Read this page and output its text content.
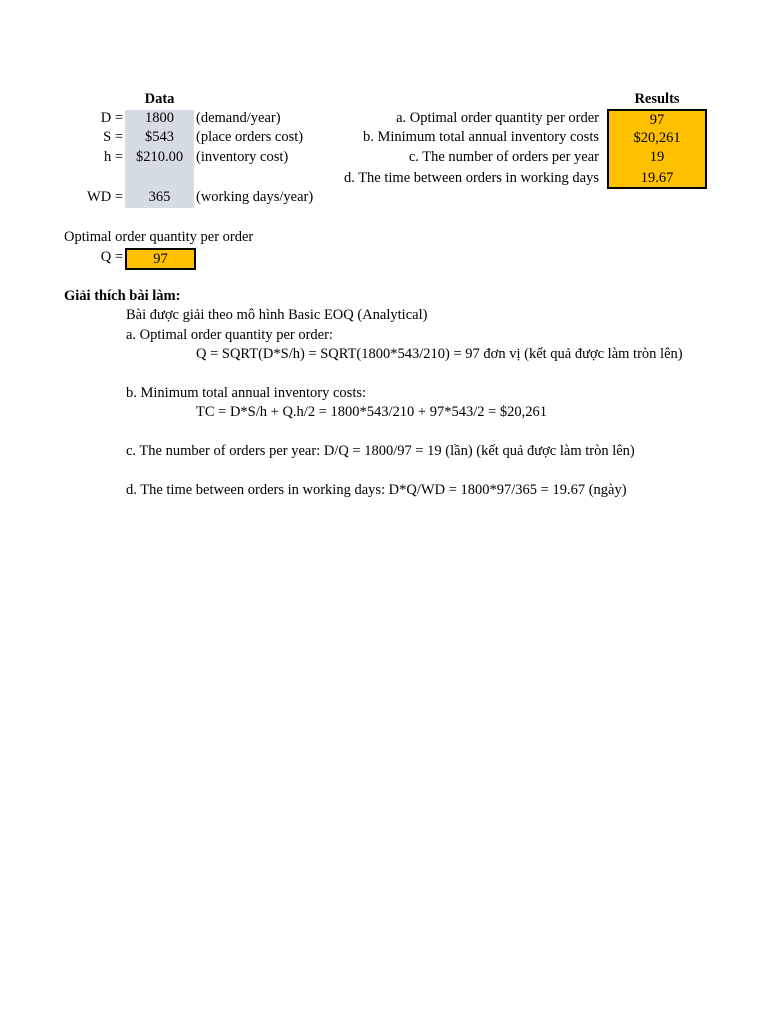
Data
D =	1800	(demand/year)
S =	$543	(place orders cost)
h = $210.00 (inventory cost)
WD =	365	(working days/year)
Results
a. Optimal order quantity per order	97
b. Minimum total annual inventory costs	$20,261
c. The number of orders per year	19
d. The time between orders in working days	19.67
Optimal order quantity per order
Q =	97
Giải thích bài làm:
Bài được giải theo mô hình Basic EOQ (Analytical)
a. Optimal order quantity per order:
Q = SQRT(D*S/h) = SQRT(1800*543/210) = 97 đơn vị (kết quả được làm tròn lên)
b. Minimum total annual inventory costs:
TC = D*S/h + Q.h/2 = 1800*543/210 + 97*543/2 = $20,261
c. The number of orders per year: D/Q = 1800/97 = 19 (lần) (kết quả được làm tròn lên)
d. The time between orders in working days: D*Q/WD = 1800*97/365 = 19.67 (ngày)
